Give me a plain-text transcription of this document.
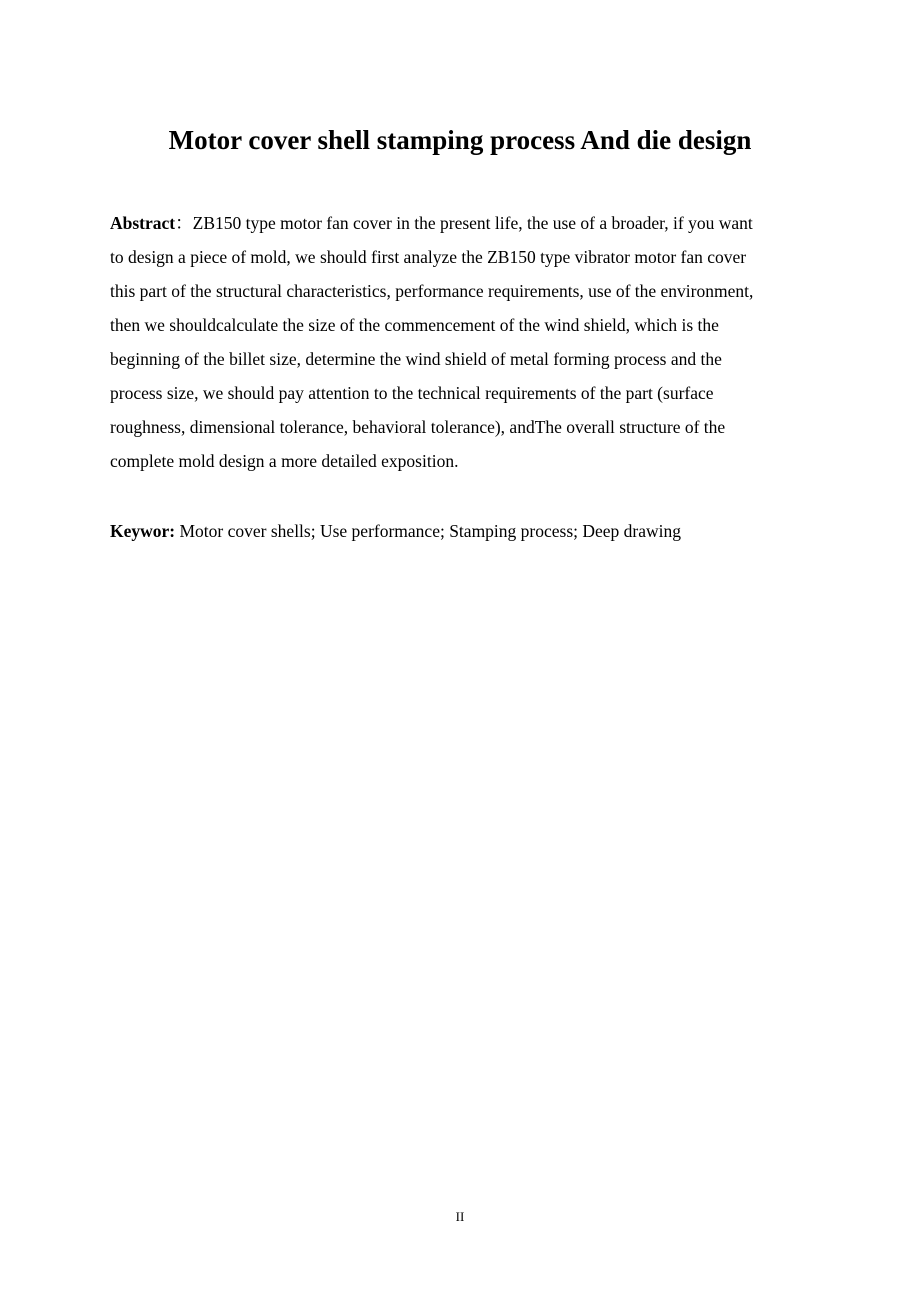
Motor cover shell stamping process And die design

Abstract：ZB150 type motor fan cover in the present life, the use of a broader, if you want
to design a piece of mold, we should first analyze the ZB150 type vibrator motor fan cover
this part of the structural characteristics, performance requirements, use of the environment,
then we shouldcalculate the size of the commencement of the wind shield, which is the
beginning of the billet size, determine the wind shield of metal forming process and the
process size, we should pay attention to the technical requirements of the part (surface
roughness, dimensional tolerance, behavioral tolerance), andThe overall structure of the
complete mold design a more detailed exposition.

Keywor: Motor cover shells; Use performance; Stamping process; Deep drawing

II
